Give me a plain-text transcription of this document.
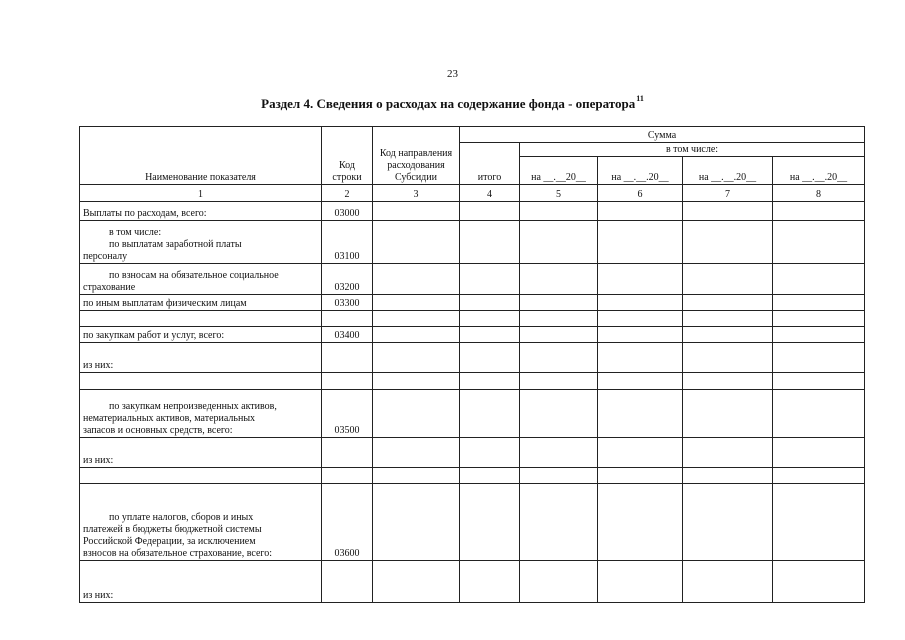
23
Раздел 4. Сведения о расходах на содержание фонда - оператора$^{11}$
Наименование показателя	Код строки	Код направления расходования Субсидии	Сумма				
			итого	в том числе:			
				на __.__20__	на __.__.20__	на __.__.20__	на __.__.20__

1	2	3	4	5	6	7	8
Выплаты по расходам, всего:	03000						

в том числе:
по выплатам заработной платы
персоналу	03100						

по взносам на обязательное социальное
страхование	03200						
по иным выплатам физическим лицам	03300						

по закупкам работ и услуг, всего:	03400						
из них:							

по закупкам непроизведенных активов,
нематериальных активов, материальных
запасов и основных средств, всего:	03500						
из них:							

по уплате налогов, сборов и иных
платежей в бюджеты бюджетной системы
Российской Федерации, за исключением
взносов на обязательное страхование, всего:	03600						
из них:							
